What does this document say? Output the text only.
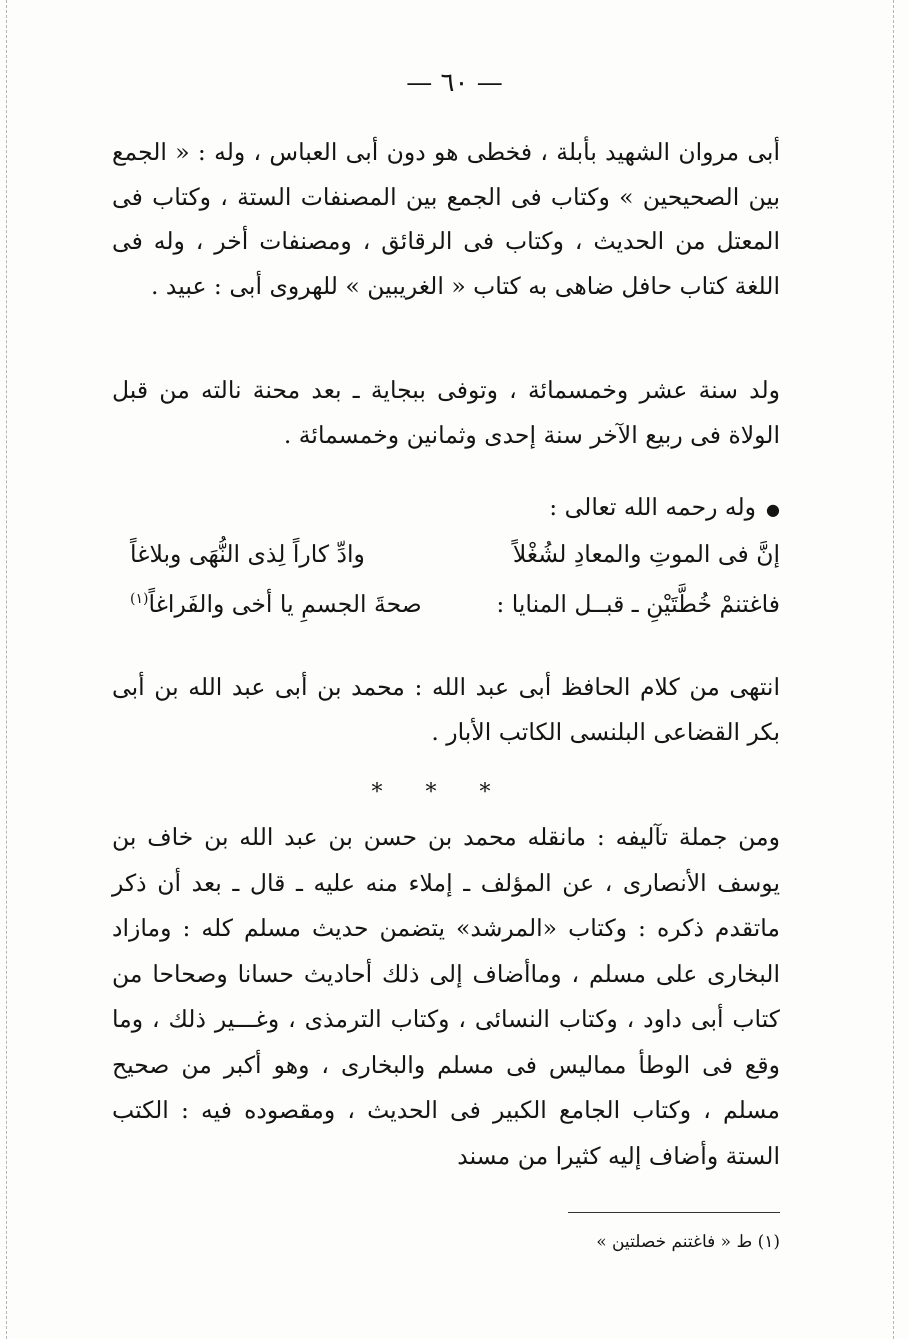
— ٦٠ —

أبى مروان الشهيد بأبلة ، فخطى هو دون أبى العباس ، وله : « الجمع بين الصحيحين » وكتاب فى الجمع بين المصنفات الستة ، وكتاب فى المعتل من الحديث ، وكتاب فى الرقائق ، ومصنفات أخر ، وله فى اللغة كتاب حافل ضاهى به كتاب « الغريبين » للهروى أبى : عبيد .

ولد سنة عشر وخمسمائة ، وتوفى ببجاية ـ بعد محنة نالته من قبل الولاة فى ربيع الآخر سنة إحدى وثمانين وخمسمائة .

●وله رحمه الله تعالى :

إنَّ فى الموتِ والمعادِ لشُغْلاً
وادِّ كاراً لِذى النُّهَى وبلاغاً
فاغتنمْ خُطَّتَيْنِ ـ قبــل المنايا :
صحةَ الجسمِ يا أخى والفَراغاً$^{(١)}$

انتهى من كلام الحافظ أبى عبد الله : محمد بن أبى عبد الله بن أبى بكر القضاعى البلنسى الكاتب الأبار .

* * *

ومن جملة تآليفه : مانقله محمد بن حسن بن عبد الله بن خاف بن يوسف الأنصارى ، عن المؤلف ـ إملاء منه عليه ـ قال ـ بعد أن ذكر ماتقدم ذكره : وكتاب «المرشد» يتضمن حديث مسلم كله : ومازاد البخارى على مسلم ، وماأضاف إلى ذلك أحاديث حسانا وصحاحا من كتاب أبى داود ، وكتاب النسائى ، وكتاب الترمذى ، وغـــير ذلك ، وما وقع فى الوطأ مماليس فى مسلم والبخارى ، وهو أكبر من صحيح مسلم ، وكتاب الجامع الكبير فى الحديث ، ومقصوده فيه : الكتب الستة وأضاف إليه كثيرا من مسند

(١) ط « فاغتنم خصلتين »
